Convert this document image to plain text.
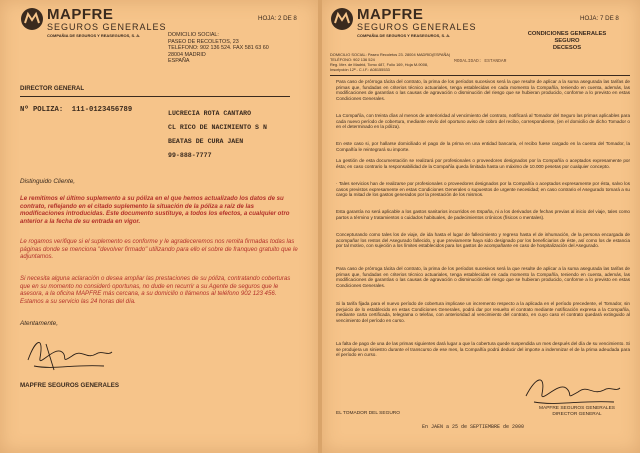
MAPFRE
SEGUROS GENERALES
COMPAÑIA DE SEGUROS Y REASEGUROS, S. A.
HOJA: 2 DE 8
DOMICILIO SOCIAL:
PASEO DE RECOLETOS, 23
TELÉFONO: 902 136 524. FAX 581 63 60
28004 MADRID
ESPAÑA
DIRECTOR GENERAL
Nº POLIZA: 111-0123456789	LUCRECIA ROTA CANTARO
CL RICO DE NACIMIENTO S N
BEATAS DE CURA JAEN
99-888-7777
Distinguido Cliente,
Le remitimos el último suplemento a su póliza en el que hemos actualizado los datos de su contrato, reflejando en el citado suplemento la situación de la póliza a raíz de las modificaciones introducidas. Este documento sustituye, a todos los efectos, a cualquier otro anterior a la fecha de su entrada en vigor.
Le rogamos verifique si el suplemento es conforme y le agradeceremos nos remita firmadas todas las páginas donde se menciona "devolver firmado" utilizando para ello el sobre de franqueo gratuito que le adjuntamos.
Si necesita alguna aclaración o desea ampliar las prestaciones de su póliza, contratando coberturas que en su momento no consideró oportunas, no dude en recurrir a su Agente de seguros que le asesora, a la oficina MAPFRE más cercana, a su domicilio o llámenos al teléfono 902 123 456. Estamos a su servicio las 24 horas del día.
Atentamente,
MAPFRE SEGUROS GENERALES
MAPFRE
SEGUROS GENERALES
COMPAÑIA DE SEGUROS Y REASEGUROS, S. A.
HOJA: 7 DE 8
CONDICIONES GENERALES
SEGURO
DECESOS
DOMICILIO SOCIAL: Paseo Recoletos 23. 28004 MADRID(ESPAÑA)
TELÉFONO: 902 136 524
Reg. Mer. de Madrid, Tomo 487, Folio 169, Hoja M-9008,
Inscripción 12ª - C.I.F.: A08155533
MODALIDAD: ESTANDAR
Para caso de prórroga tácita del contrato, la prima de los períodos sucesivos será la que resulte de aplicar a la suma asegurada las tarifas de primas que, fundadas en criterios técnico actuariales, tenga establecidas en cada momento la Compañía, teniendo en cuenta, además, las modificaciones de garantías o las causas de agravación o disminución del riesgo que se hubieran producido, conforme a lo previsto en estas Condiciones Generales.
La Compañía, con treinta días al menos de anterioridad al vencimiento del contrato, notificará al Tomador del Seguro las primas aplicables para cada nuevo período de cobertura, mediante envío del oportuno aviso de cobro del recibo, correspondiente, (en el domicilio de dicho Tomador o en el determinado en la póliza).
En este caso si, por hallarse domiciliado el pago de la prima en una entidad bancaria, el recibo fuese cargado en la cuenta del Tomador, la Compañía le reintegrará su importe.
La gestión de esta documentación se realizará por profesionales o proveedores designados por la Compañía o aceptados expresamente por ésta; en caso contrario la responsabilidad de la Compañía queda limitada hasta un máximo de 10.000 pesetas por cualquier concepto.
· Tales servicios han de realizarse por profesionales o proveedores designados por la Compañía o aceptados expresamente por ésta, salvo los casos previstos expresamente en estas Condiciones Generales o supuestos de urgente necesidad; en caso contrario el Asegurado tomará a su cargo la mitad de los gastos generados por la prestación de los mismos.
Esta garantía no será aplicable a los gastos sanitarios incurridos en España, ni a los derivados de fechas previas al inicio del viaje, tales como partos a término y tratamientos o cuidados habituales, de padecimientos crónicos (físicos o mentales).
Concepturando como tales los de viaje, de ida hasta el lugar de fallecimiento y regreso hasta el de inhumación, de la persona encargada de acompañar los restos del Asegurado fallecido, y que previamente haya sido designado por los beneficiarios de éste, así como los de estancia por tal motivo, con sujeción a los límites establecidos para los gastos de acompañante en caso de hospitalización del Asegurado.
Para caso de prórroga tácita del contrato, la prima de los períodos sucesivos será la que resulte de aplicar a la suma asegurada las tarifas de primas que, fundadas en criterios técnico actuariales, tenga establecidas en cada momento la Compañía, teniendo en cuenta, además, las modificaciones de garantías o las causas de agravación o disminución del riesgo que se hubieran producido, conforme a lo previsto en estas Condiciones Generales.
Si la tarifa fijada para el nuevo período de cobertura implicase un incremento respecto a la aplicada en el período precedente, el Tomador, sin perjuicio de lo establecido en estas Condiciones Generales, podrá dar por resuelto el contrato mediante notificación expresa a la Compañía, mediante carta certificada, telegrama o telefax, con anterioridad al vencimiento del contrato, en cuyo caso el contrato quedará extinguido al vencimiento del período en curso.
La falta de pago de una de las primas siguientes dará lugar a que la cobertura quede suspendida un mes después del día de su vencimiento. Si se produjera un siniestro durante el transcurso de ese mes, la Compañía podrá deducir del importe a indemnizar el de la prima adeudada para el período en curso.
EL TOMADOR DEL SEGURO
MAPFRE SEGUROS GENERALES
DIRECTOR GENERAL
En JAEN a 25 de SEPTIEMBRE de 2000
